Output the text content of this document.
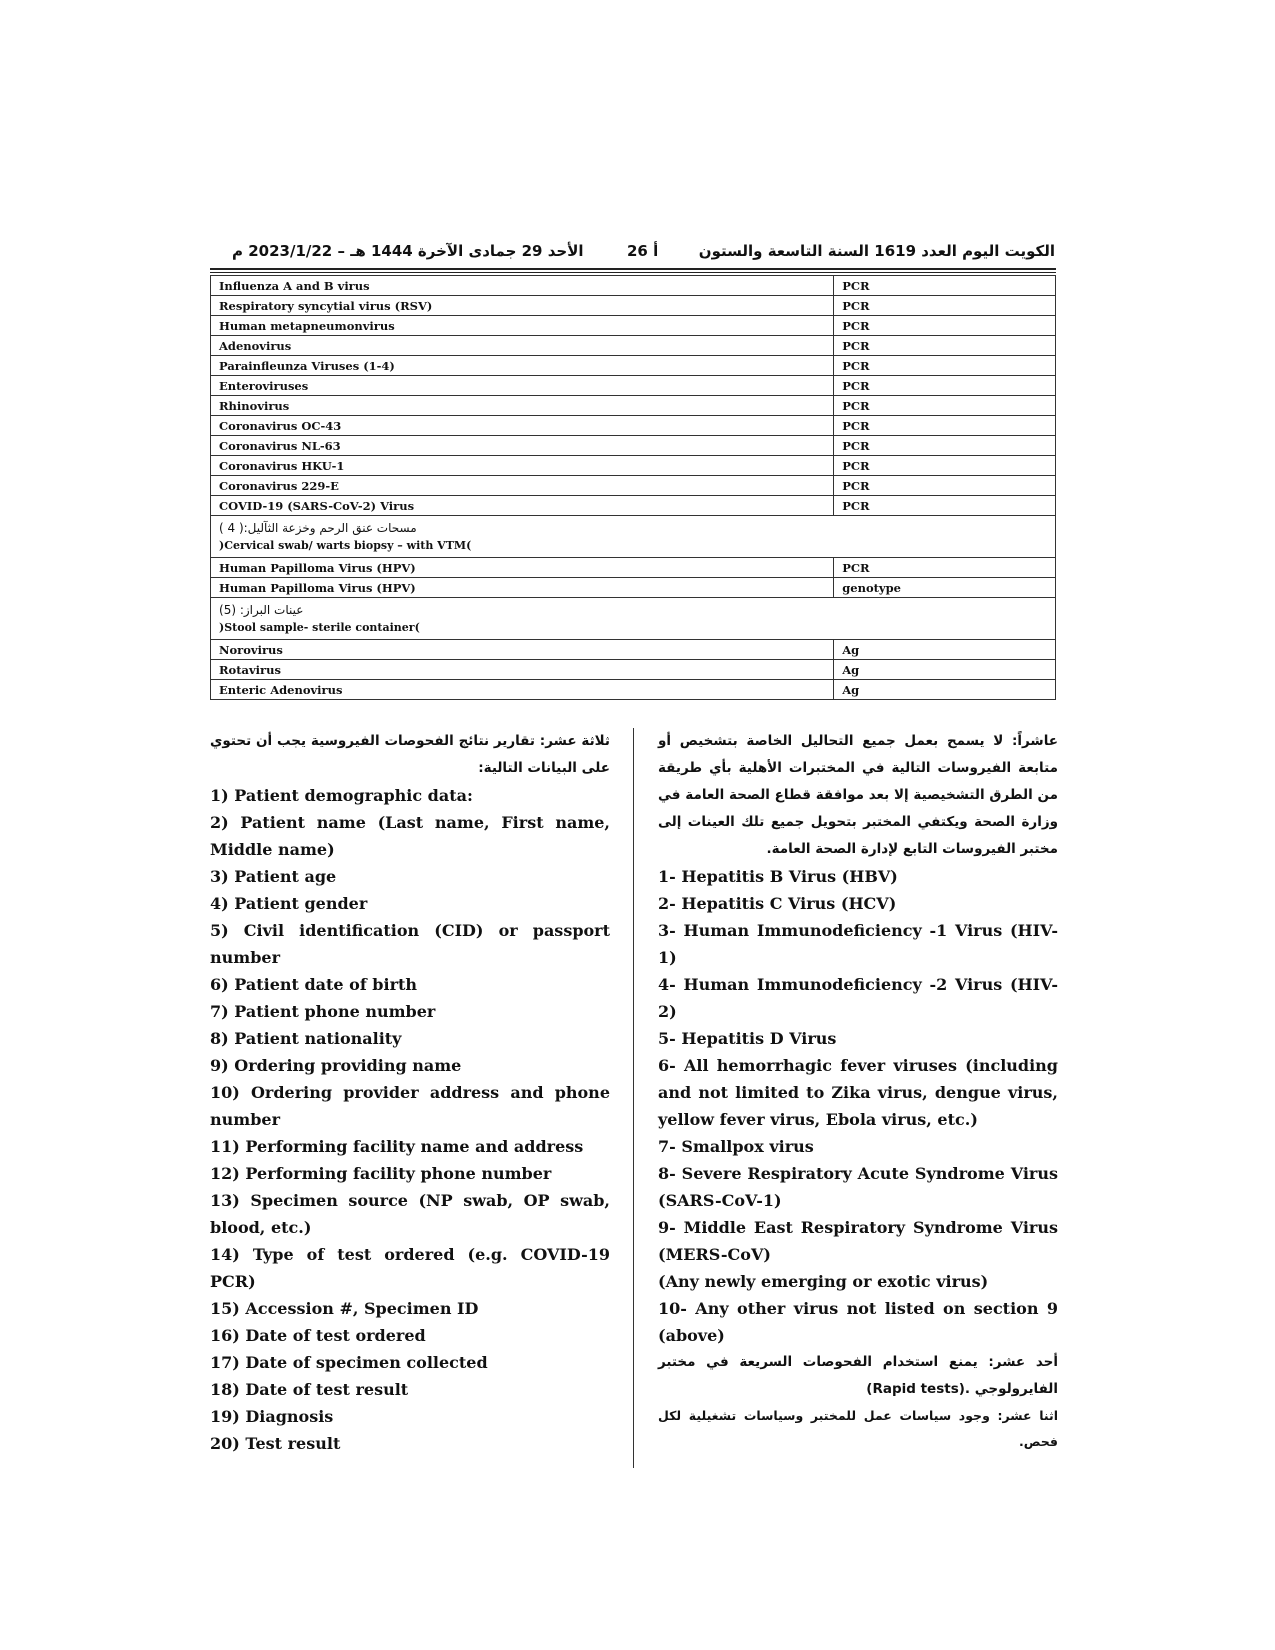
الكويت اليوم العدد 1619 السنة التاسعة والستون
أ 26
الأحد 29 جمادى الآخرة 1444 هـ – 2023/1/22 م
Influenza A and B virus	PCR
Respiratory syncytial virus (RSV)	PCR
Human metapneumonvirus	PCR
Adenovirus	PCR
Parainfleunza Viruses (1-4)	PCR
Enteroviruses	PCR
Rhinovirus	PCR
Coronavirus OC-43	PCR
Coronavirus NL-63	PCR
Coronavirus HKU-1	PCR
Coronavirus 229-E	PCR
COVID-19 (SARS-CoV-2) Virus	PCR

مسحات عنق الرحم وخزعة الثآليل:( 4 )
)Cervical swab/ warts biopsy – with VTM(	

Human Papilloma Virus (HPV)	PCR
Human Papilloma Virus (HPV)	genotype

عينات البراز: (5)
)Stool sample- sterile container(	

Norovirus	Ag
Rotavirus	Ag
Enteric Adenovirus	Ag

عاشراً: لا يسمح بعمل جميع التحاليل الخاصة بتشخيص أو متابعة الفيروسات التالية في المختبرات الأهلية بأي طريقة من الطرق التشخيصية إلا بعد موافقة قطاع الصحة العامة في وزارة الصحة ويكتفي المختبر بتحويل جميع تلك العينات إلى مختبر الفيروسات التابع لإدارة الصحة العامة.

1- Hepatitis B Virus (HBV)

2- Hepatitis C Virus (HCV)

3- Human Immunodeficiency -1 Virus (HIV-1)

4- Human Immunodeficiency -2 Virus (HIV-2)

5- Hepatitis D Virus

6- All hemorrhagic fever viruses (including and not limited to Zika virus, dengue virus, yellow fever virus, Ebola virus, etc.)

7- Smallpox virus

8- Severe Respiratory Acute Syndrome Virus (SARS-CoV-1)

9- Middle East Respiratory Syndrome Virus (MERS-CoV)

(Any newly emerging or exotic virus)

10- Any other virus not listed on section 9 (above)

أحد عشر: يمنع استخدام الفحوصات السريعة في مختبر الفايرولوجي .(Rapid tests)

اثنا عشر: وجود سياسات عمل للمختبر وسياسات تشغيلية لكل فحص.

ثلاثة عشر: تقارير نتائج الفحوصات الفيروسية يجب أن تحتوي على البيانات التالية:

1) Patient demographic data:

2) Patient name (Last name, First name, Middle name)

3) Patient age

4) Patient gender

5) Civil identification (CID) or passport number

6) Patient date of birth

7) Patient phone number

8) Patient nationality

9) Ordering providing name

10) Ordering provider address and phone number

11) Performing facility name and address

12) Performing facility phone number

13) Specimen source (NP swab, OP swab, blood, etc.)

14) Type of test ordered (e.g. COVID-19 PCR)

15) Accession #, Specimen ID

16) Date of test ordered

17) Date of specimen collected

18) Date of test result

19) Diagnosis

20) Test result
